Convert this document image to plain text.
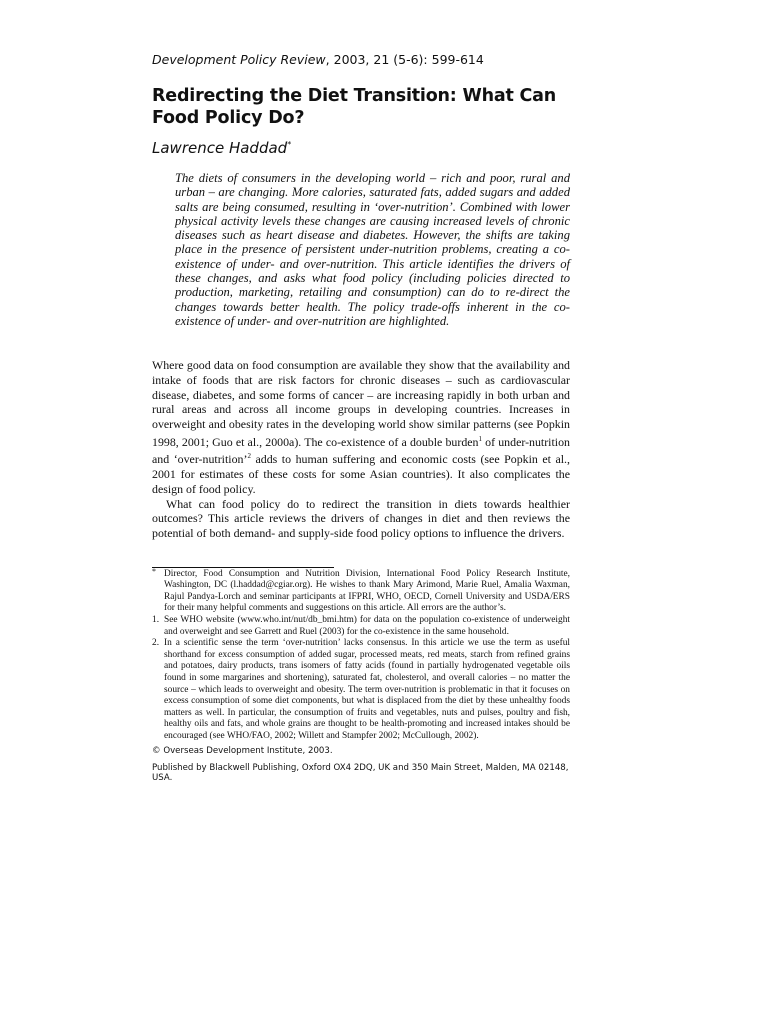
Development Policy Review, 2003, 21 (5-6): 599-614

Redirecting the Diet Transition: What Can Food Policy Do?

Lawrence Haddad*

The diets of consumers in the developing world – rich and poor, rural and urban – are changing. More calories, saturated fats, added sugars and added salts are being consumed, resulting in ‘over-nutrition’. Combined with lower physical activity levels these changes are causing increased levels of chronic diseases such as heart disease and diabetes. However, the shifts are taking place in the presence of persistent under-nutrition problems, creating a co-existence of under- and over-nutrition. This article identifies the drivers of these changes, and asks what food policy (including policies directed to production, marketing, retailing and consumption) can do to re-direct the changes towards better health. The policy trade-offs inherent in the co-existence of under- and over-nutrition are highlighted.

Where good data on food consumption are available they show that the availability and intake of foods that are risk factors for chronic diseases – such as cardiovascular disease, diabetes, and some forms of cancer – are increasing rapidly in both urban and rural areas and across all income groups in developing countries. Increases in overweight and obesity rates in the developing world show similar patterns (see Popkin 1998, 2001; Guo et al., 2000a). The co-existence of a double burden$^1$ of under-nutrition and ‘over-nutrition’$^2$ adds to human suffering and economic costs (see Popkin et al., 2001 for estimates of these costs for some Asian countries). It also complicates the design of food policy.

What can food policy do to redirect the transition in diets towards healthier outcomes? This article reviews the drivers of changes in diet and then reviews the potential of both demand- and supply-side food policy options to influence the drivers.

* Director, Food Consumption and Nutrition Division, International Food Policy Research Institute, Washington, DC (l.haddad@cgiar.org). He wishes to thank Mary Arimond, Marie Ruel, Amalia Waxman, Rajul Pandya-Lorch and seminar participants at IFPRI, WHO, OECD, Cornell University and USDA/ERS for their many helpful comments and suggestions on this article. All errors are the author’s.
1. See WHO website (www.who.int/nut/db_bmi.htm) for data on the population co-existence of underweight and overweight and see Garrett and Ruel (2003) for the co-existence in the same household.
2. In a scientific sense the term ‘over-nutrition’ lacks consensus. In this article we use the term as useful shorthand for excess consumption of added sugar, processed meats, red meats, starch from refined grains and potatoes, dairy products, trans isomers of fatty acids (found in partially hydrogenated vegetable oils found in some margarines and shortening), saturated fat, cholesterol, and overall calories – no matter the source – which leads to overweight and obesity. The term over-nutrition is problematic in that it focuses on excess consumption of some diet components, but what is displaced from the diet by these unhealthy foods matters as well. In particular, the consumption of fruits and vegetables, nuts and pulses, poultry and fish, healthy oils and fats, and whole grains are thought to be health-promoting and increased intakes should be encouraged (see WHO/FAO, 2002; Willett and Stampfer 2002; McCullough, 2002).

© Overseas Development Institute, 2003.

Published by Blackwell Publishing, Oxford OX4 2DQ, UK and 350 Main Street, Malden, MA 02148, USA.
